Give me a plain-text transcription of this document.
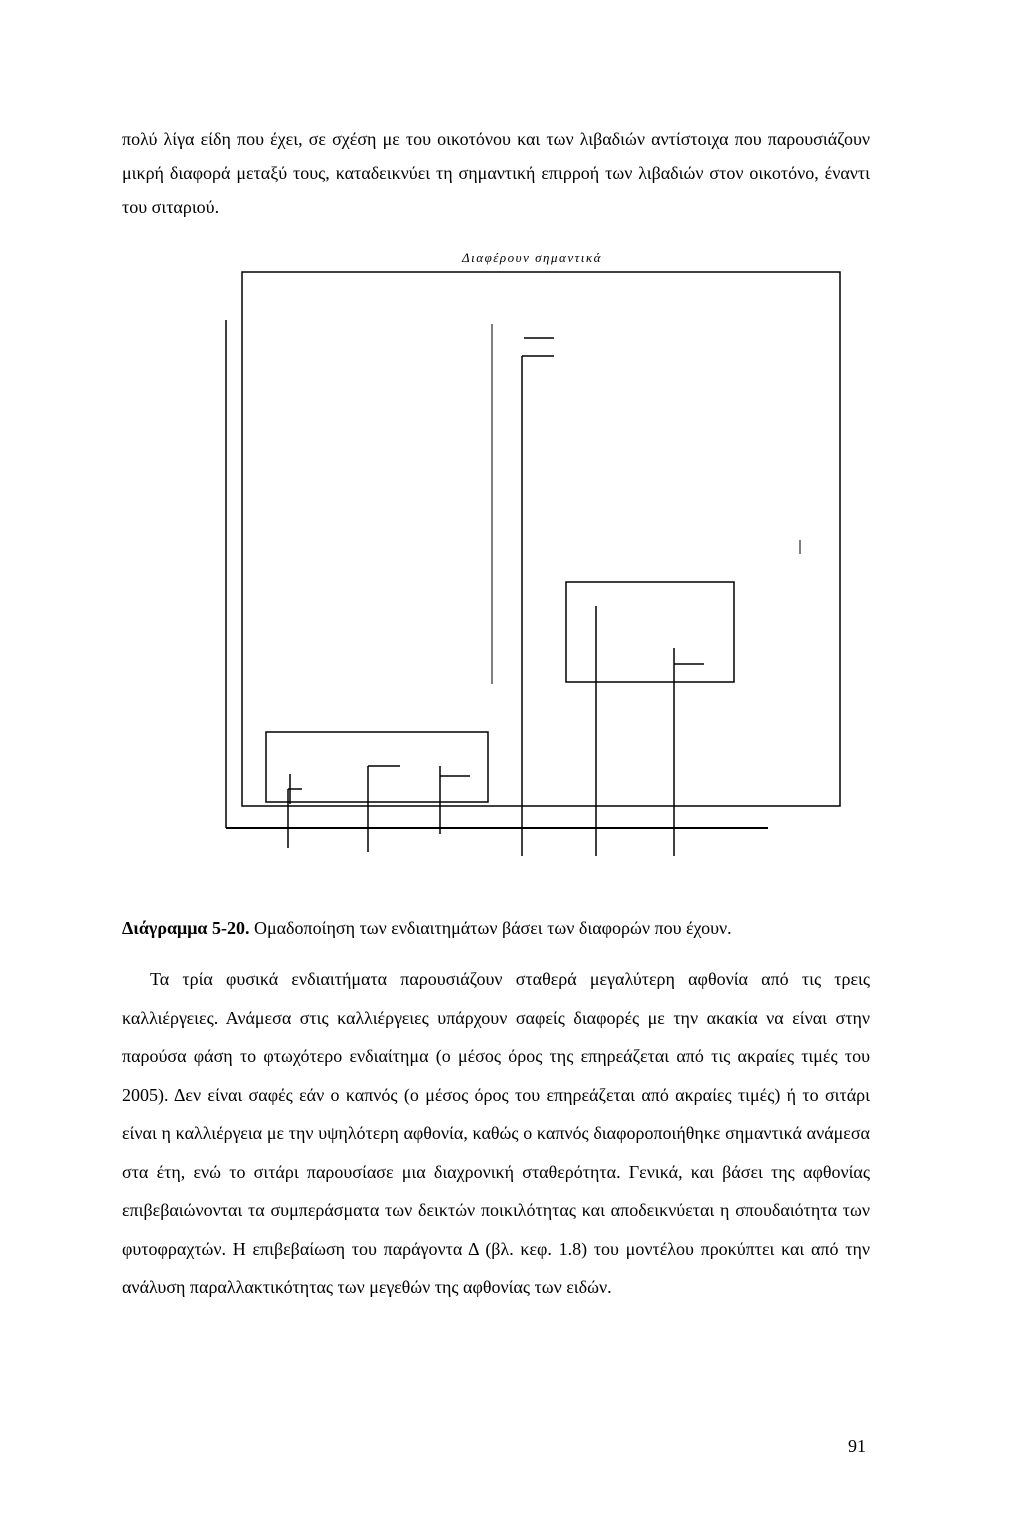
πολύ λίγα είδη που έχει, σε σχέση με του οικοτόνου και των λιβαδιών αντίστοιχα που παρουσιάζουν μικρή διαφορά μεταξύ τους, καταδεικνύει τη σημαντική επιρροή των λιβαδιών στον οικοτόνο, έναντι του σιταριού.

Διαφέρουν σημαντικά

Διάγραμμα 5-20. Ομαδοποίηση των ενδιαιτημάτων βάσει των διαφορών που έχουν.

Τα τρία φυσικά ενδιαιτήματα παρουσιάζουν σταθερά μεγαλύτερη αφθονία από τις τρεις καλλιέργειες. Ανάμεσα στις καλλιέργειες υπάρχουν σαφείς διαφορές με την ακακία να είναι στην παρούσα φάση το φτωχότερο ενδιαίτημα (ο μέσος όρος της επηρεάζεται από τις ακραίες τιμές του 2005). Δεν είναι σαφές εάν ο καπνός (ο μέσος όρος του επηρεάζεται από ακραίες τιμές) ή το σιτάρι είναι η καλλιέργεια με την υψηλότερη αφθονία, καθώς ο καπνός διαφοροποιήθηκε σημαντικά ανάμεσα στα έτη, ενώ το σιτάρι παρουσίασε μια διαχρονική σταθερότητα. Γενικά, και βάσει της αφθονίας επιβεβαιώνονται τα συμπεράσματα των δεικτών ποικιλότητας και αποδεικνύεται η σπουδαιότητα των φυτοφραχτών. Η επιβεβαίωση του παράγοντα Δ (βλ. κεφ. 1.8) του μοντέλου προκύπτει και από την ανάλυση παραλλακτικότητας των μεγεθών της αφθονίας των ειδών.

91
